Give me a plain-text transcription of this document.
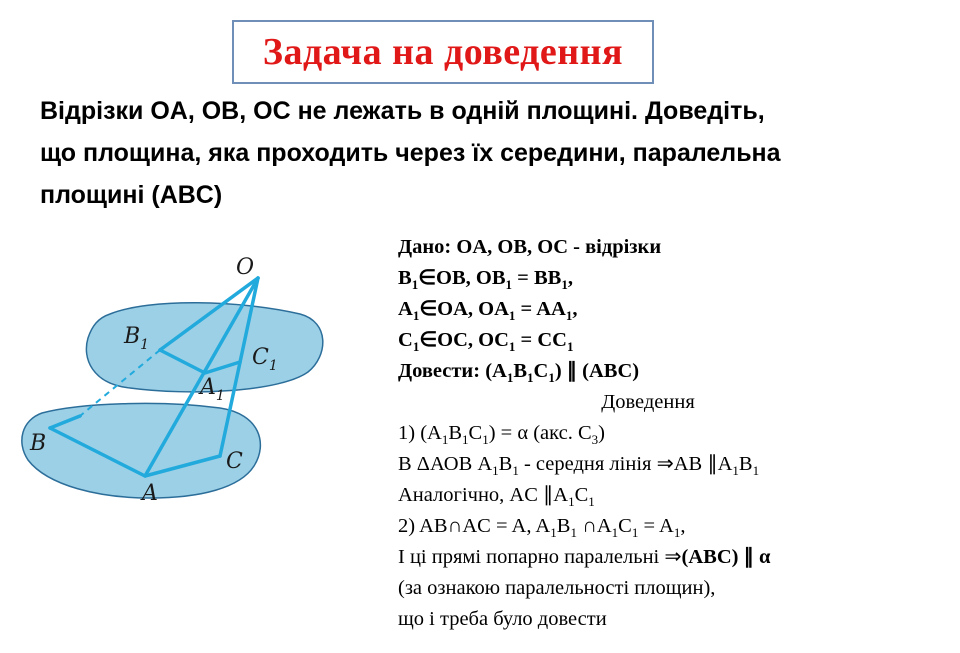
Задача на доведення
Відрізки OA, OB, OC не лежать в одній площині. Доведіть,
що площина, яка проходить через їх середини, паралельна
площині (ABC)
O
$B_1$	$C_1$
$A_1$
B
A
C
Дано: OA, OB, OC - відрізки
$B_1\in OB$, $OB_1 = BB_1$,
$A_1\in OA$, $OA_1 = AA_1$,
$C_1\in OC$, $OC_1 = CC_1$
Довести: $(A_1B_1C_1)$ ∥ (ABC)
Доведення
1) $(A_1B_1C_1) = \alpha$ (акс. $C_3$)
В ΔАОВ $А_1B_1$ - середня лінія ⇒AB $\parallel A_1B_1$
Аналогічно, AC $\parallel A_1C_1$
2) AB∩AC = A, $A_1B_1$ $\cap A_1C_1 = A_1$,
І ці прямі попарно паралельні ⇒(ABC) ∥ α
(за ознакою паралельності площин),
що і треба було довести
